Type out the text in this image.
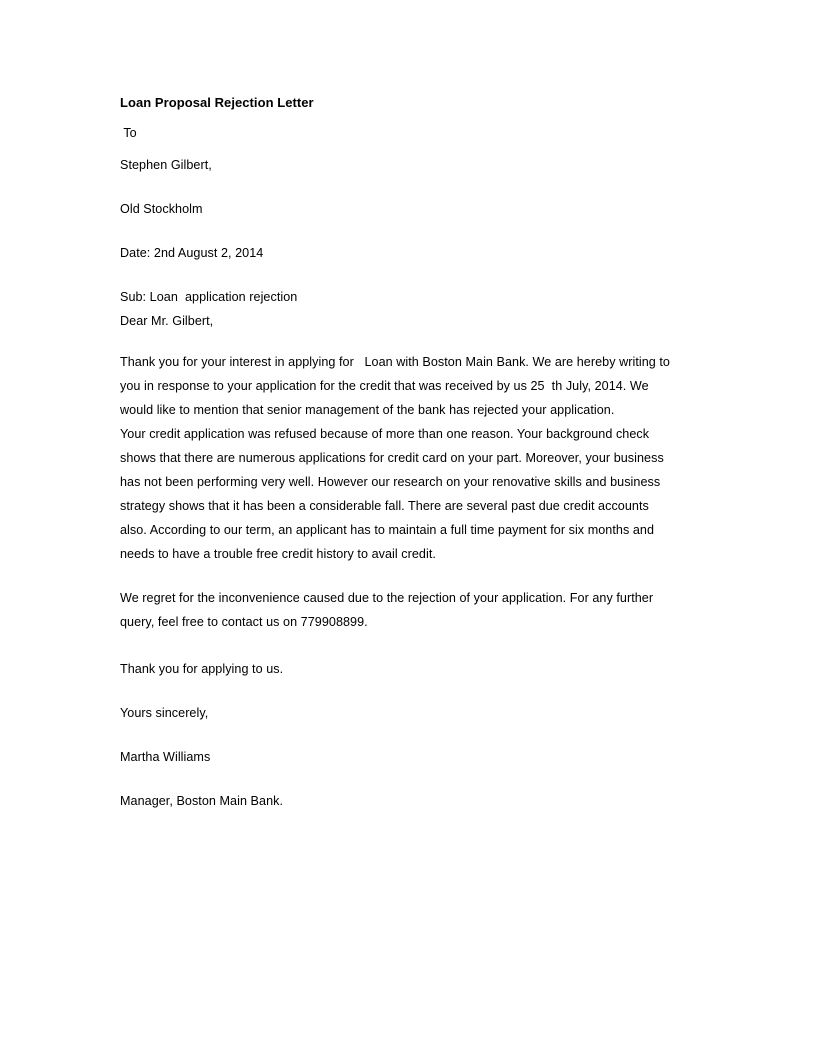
Loan Proposal Rejection Letter
To
Stephen Gilbert,
Old Stockholm
Date: 2nd August 2, 2014
Sub: Loan  application rejection
Dear Mr. Gilbert,
Thank you for your interest in applying for   Loan with Boston Main Bank. We are hereby writing to
you in response to your application for the credit that was received by us 25  th July, 2014. We
would like to mention that senior management of the bank has rejected your application.
Your credit application was refused because of more than one reason. Your background check
shows that there are numerous applications for credit card on your part. Moreover, your business
has not been performing very well. However our research on your renovative skills and business
strategy shows that it has been a considerable fall. There are several past due credit accounts
also. According to our term, an applicant has to maintain a full time payment for six months and
needs to have a trouble free credit history to avail credit.
We regret for the inconvenience caused due to the rejection of your application. For any further
query, feel free to contact us on 779908899.
Thank you for applying to us.
Yours sincerely,
Martha Williams
Manager, Boston Main Bank.
